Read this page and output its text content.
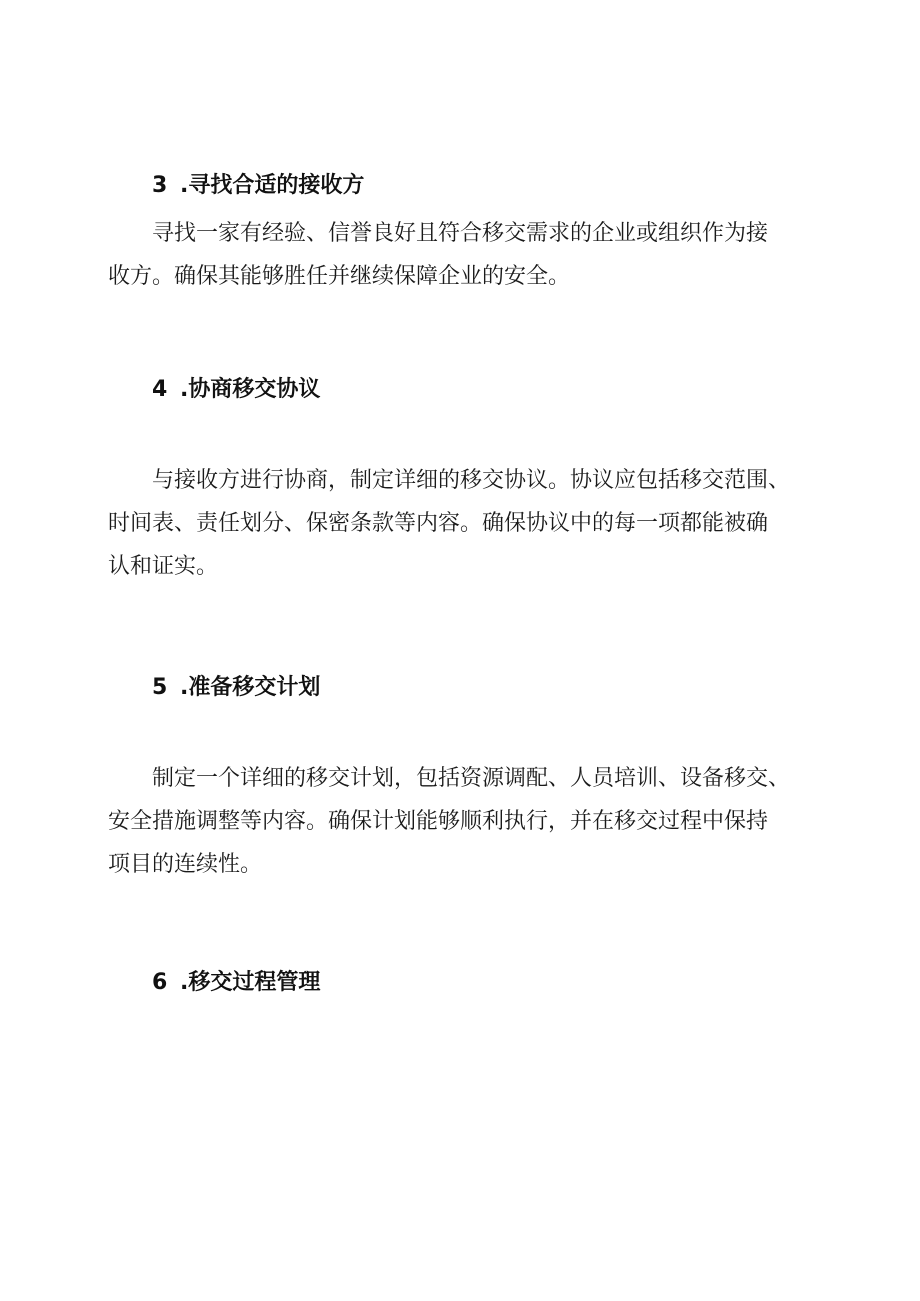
3 .寻找合适的接收方
寻找一家有经验、信誉良好且符合移交需求的企业或组织作为接
收方。确保其能够胜任并继续保障企业的安全。
4 .协商移交协议
与接收方进行协商，制定详细的移交协议。协议应包括移交范围、
时间表、责任划分、保密条款等内容。确保协议中的每一项都能被确
认和证实。
5 .准备移交计划
制定一个详细的移交计划，包括资源调配、人员培训、设备移交、
安全措施调整等内容。确保计划能够顺利执行，并在移交过程中保持
项目的连续性。
6 .移交过程管理
